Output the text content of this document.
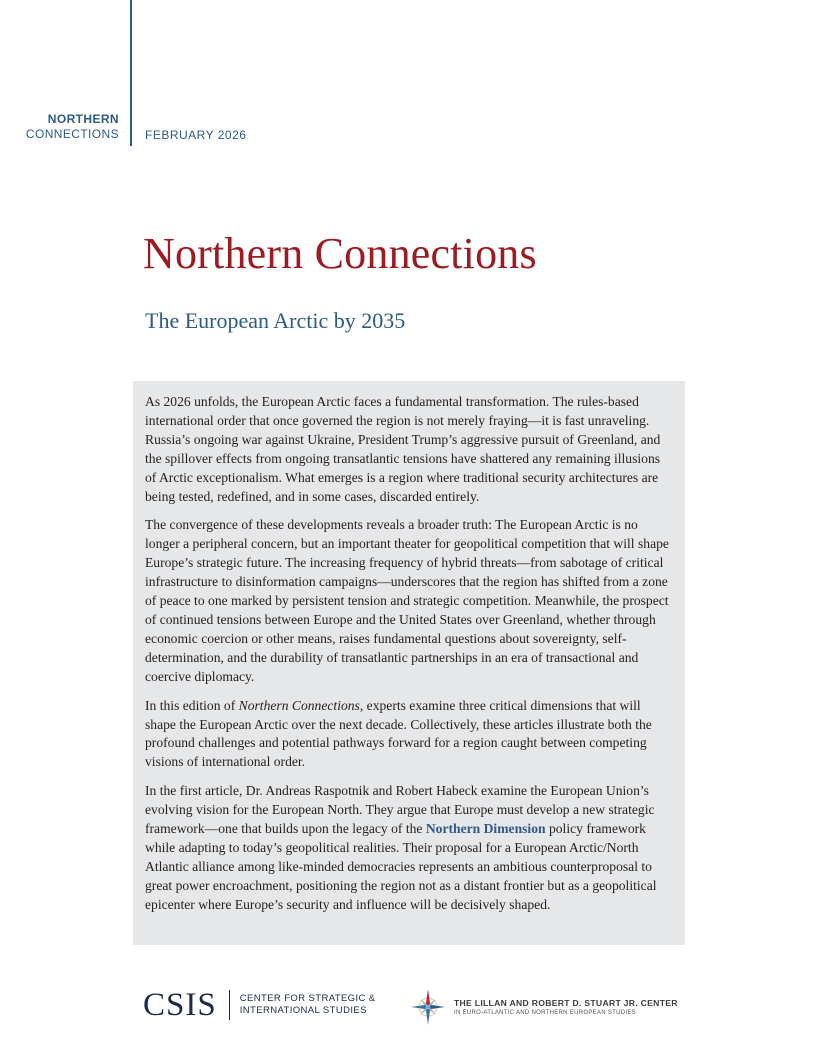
NORTHERN
CONNECTIONS FEBRUARY 2026
Northern Connections
The European Arctic by 2035

As 2026 unfolds, the European Arctic faces a fundamental transformation. The rules-based international order that once governed the region is not merely fraying—it is fast unraveling. Russia’s ongoing war against Ukraine, President Trump’s aggressive pursuit of Greenland, and the spillover effects from ongoing transatlantic tensions have shattered any remaining illusions of Arctic exceptionalism. What emerges is a region where traditional security architectures are being tested, redefined, and in some cases, discarded entirely.

The convergence of these developments reveals a broader truth: The European Arctic is no longer a peripheral concern, but an important theater for geopolitical competition that will shape Europe’s strategic future. The increasing frequency of hybrid threats—from sabotage of critical infrastructure to disinformation campaigns—underscores that the region has shifted from a zone of peace to one marked by persistent tension and strategic competition. Meanwhile, the prospect of continued tensions between Europe and the United States over Greenland, whether through economic coercion or other means, raises fundamental questions about sovereignty, self-determination, and the durability of transatlantic partnerships in an era of transactional and coercive diplomacy.

In this edition of Northern Connections, experts examine three critical dimensions that will shape the European Arctic over the next decade. Collectively, these articles illustrate both the profound challenges and potential pathways forward for a region caught between competing visions of international order.

In the first article, Dr. Andreas Raspotnik and Robert Habeck examine the European Union’s evolving vision for the European North. They argue that Europe must develop a new strategic framework—one that builds upon the legacy of the Northern Dimension policy framework while adapting to today’s geopolitical realities. Their proposal for a European Arctic/North Atlantic alliance among like-minded democracies represents an ambitious counterproposal to great power encroachment, positioning the region not as a distant frontier but as a geopolitical epicenter where Europe’s security and influence will be decisively shaped.

CSIS CENTER FOR STRATEGIC &
INTERNATIONAL STUDIES
THE LILLAN AND ROBERT D. STUART JR. CENTER
IN EURO-ATLANTIC AND NORTHERN EUROPEAN STUDIES
